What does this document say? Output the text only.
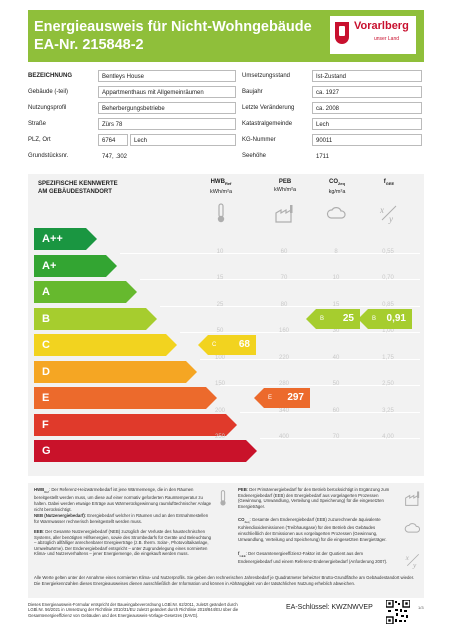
Energieausweis für Nicht-Wohngebäude
EA-Nr. 215848-2
Vorarlberg
unser Land
BEZEICHNUNG	Bentleys House
Gebäude (-teil)	Appartmenthaus mit Allgemeinräumen
Nutzungsprofil	Beherbergungsbetriebe
Straße	Zürs 78
PLZ, Ort	6764	Lech
Grundstücksnr.	747, .302
Umsetzungsstand	Ist-Zustand
Baujahr	ca. 1927
Letzte Veränderung	ca. 2008
Katastralgemeinde	Lech
KG-Nummer	90011
Seehöhe	1711
SPEZIFISCHE KENNWERTE
AM GEBÄUDESTANDORT
$HWB_{Ref}$
kWh/m²a
PEB
kWh/m²a
$CO_{2eq}$
kg/m²a
$f_{GEE}$
x
y
A++
A+
A
B
C
D
E
F
G
10
15
25
50
100
150
200
250
60
70
80
160
220
280
340
400
8
10
15
30
40
50
60
70
0,55
0,70
0,85
1,00
1,75
2,50
3,25
4,00
C 68
E 297
B 25	B 0,91
$HWB_{Ref}$: Der Referenz-Heizwärmebedarf ist jene Wärmemenge, die in den Räumen bereitgestellt werden muss, um diese auf einer normativ geforderten Raumtemperatur zu halten. Dabei werden etwaige Erträge aus Wärmerückgewinnung raumlufttechnischer Anlage nicht berücksichtigt.
NEB (Nutzenergiebedarf): Energiebedarf welcher in Räumen und an den Entnahmestellen für Warmwasser rechnerisch bereitgestellt werden muss.
EEB: Der Gesamte Nutzenergiebedarf (NEB) zuzüglich der Verluste des haustechnischen Systems, aller benötigten Hilfsenergien, sowie des Strombedarfs für Geräte und Beleuchtung – abzüglich allfälliger anrechenbarer Energieerträge (z.B. therm. Solar-, Photovoltaikanlage, Umweltwärme). Der Endenergiebedarf entspricht – unter Zugrundelegung eines normierten Klima- und Nutzerverhaltens – jener Energiemenge, die eingekauft werden muss.
PEB: Der Primärenergiebedarf für den Betrieb berücksichtigt in Ergänzung zum Endenergiebedarf (EEB) den Energiebedarf aus vorgelagerten Prozessen (Gewinnung, Umwandlung, Verteilung und Speicherung) für die eingesetzten Energieträger.
$CO_{2eq}$: Gesamte dem Endenergiebedarf (EEB) zuzurechnende äquivalente Kohlendioxidemissionen (Treibhausgase) für den Betrieb des Gebäudes einschließlich der Emissionen aus vorgelagerten Prozessen (Gewinnung, Umwandlung, Verteilung und Speicherung) für die eingesetzten Energieträger.
$f_{GEE}$: Der Gesamtenergieeffizienz-Faktor ist der Quotient aus dem Endenergiebedarf und einem Referenz-Endenergiebedarf (Anforderung 2007).	x
y
Alle Werte gelten unter der Annahme eines normierten Klima- und Nutzerprofils. Sie geben den rechnerischen Jahresbedarf je Quadratmeter beheizter Brutto-Grundfläche am Gebäudestandort wieder. Die Energiekennzahlen dieses Energieausweises dienen ausschließlich der Information und können in Abhängigkeit von der tatsächlichen Nutzung erheblich abweichen.
Dieses Energieausweis-Formular entspricht der Baueingabeverordnung LGBl.Nr. 62/2011, zuletzt geändert durch LGBl.Nr. 56/2021 in Umsetzung der Richtlinie 2010/31/EU zuletzt geändert durch Richtlinie 2018/844/EU über die Gesamtenergieeffizienz von Gebäuden und des Energieausweis-Vorlage-Gesetzes (EAVG).
EA-Schlüssel: KWZNWVEP	1/3
